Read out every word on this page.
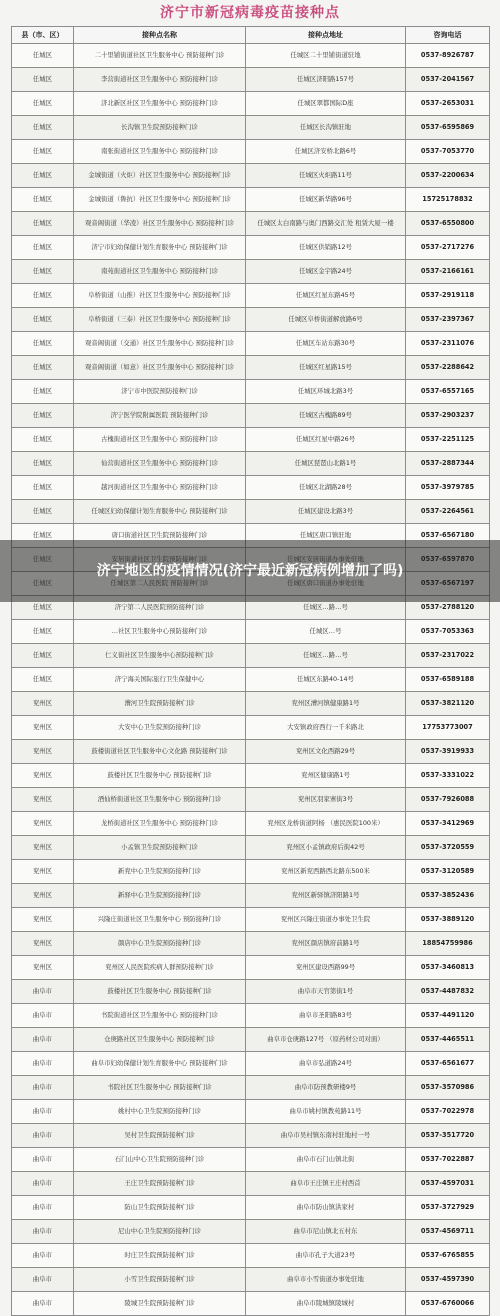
济宁市新冠病毒疫苗接种点
县（市、区）	接种点名称	接种点地址	咨询电话
任城区	二十里铺街道社区卫生服务中心 预防接种门诊	任城区二十里铺街道驻地	0537-8926787
任城区	李营街道社区卫生服务中心 预防接种门诊	任城区济阳路157号	0537-2041567
任城区	济北新区社区卫生服务中心 预防接种门诊	任城区翠都国际D座	0537-2653031
任城区	长沟镇卫生院预防接种门诊	任城区长沟镇驻地	0537-6595869
任城区	南张街道社区卫生服务中心 预防接种门诊	任城区济安桥北路6号	0537-7053770
任城区	金城街道（火炬）社区卫生服务中心 预防接种门诊	任城区火炬路11号	0537-2200634
任城区	金城街道（鲁抗）社区卫生服务中心 预防接种门诊	任城区新华路96号	15725178832
任城区	观音阁街道（华凌）社区卫生服务中心 预防接种门诊	任城区太白南路与奥门西路交汇处 租赁大厦一楼	0537-6550800
任城区	济宁市妇幼保健计划生育服务中心 预防接种门诊	任城区供销路12号	0537-2717276
任城区	南苑街道社区卫生服务中心 预防接种门诊	任城区金宇路24号	0537-2166161
任城区	阜桥街道（山推）社区卫生服务中心 预防接种门诊	任城区红星东路45号	0537-2919118
任城区	阜桥街道（三泰）社区卫生服务中心 预防接种门诊	任城区阜桥街道解放路6号	0537-2397367
任城区	观音阁街道（交通）社区卫生服务中心 预防接种门诊	任城区车站东路30号	0537-2311076
任城区	观音阁街道（如意）社区卫生服务中心 预防接种门诊	任城区红星路15号	0537-2288642
任城区	济宁市中医院预防接种门诊	任城区环城北路3号	0537-6557165
任城区	济宁医学院附属医院 预防接种门诊	任城区古槐路89号	0537-2903237
任城区	古槐街道社区卫生服务中心 预防接种门诊	任城区红星中路26号	0537-2251125
任城区	仙营街道社区卫生服务中心 预防接种门诊	任城区琵琶山北路1号	0537-2887344
任城区	越河街道社区卫生服务中心 预防接种门诊	任城区北湖路28号	0537-3979785
任城区	任城区妇幼保健计划生育服务中心 预防接种门诊	任城区建设北路3号	0537-2264561
任城区	唐口街道社区卫生院预防接种门诊	任城区唐口镇驻地	0537-6567180

任城区	济宁第二人民医院预防接种门诊	任城区…路…号	0537-2788120
任城区	…社区卫生服务中心预防接种门诊	任城区…号	0537-7053363
任城区	仁义街社区卫生服务中心预防接种门诊	任城区…路…号	0537-2317022
任城区	济宁海关国际旅行卫生保健中心	任城区东路40-14号	0537-6589188
兖州区	漕河卫生院预防接种门诊	兖州区漕河镇健康路1号	0537-3821120
兖州区	大安中心卫生院预防接种门诊	大安镇政府西行一千米路北	17753773007
兖州区	鼓楼街道社区卫生服务中心文化路 预防接种门诊	兖州区文化西路29号	0537-3919933
兖州区	鼓楼社区卫生服务中心 预防接种门诊	兖州区健康路1号	0537-3331022
兖州区	酒仙桥街道社区卫生服务中心 预防接种门诊	兖州区羽家寨街3号	0537-7926088
兖州区	龙桥街道社区卫生服务中心 预防接种门诊	兖州区龙桥街道阿杨 （惠民医院100米）	0537-3412969
兖州区	小孟镇卫生院预防接种门诊	兖州区小孟镇政府后街42号	0537-3720559
兖州区	新兖中心卫生院预防接种门诊	兖州区新兖西路西北路东500米	0537-3120589
兖州区	新驿中心卫生院预防接种门诊	兖州区新驿镇济阳路1号	0537-3852436
兖州区	兴隆庄街道社区卫生服务中心 预防接种门诊	兖州区兴隆庄街道办事处卫生院	0537-3889120
兖州区	颜店中心卫生院预防接种门诊	兖州区颜店镇府前路1号	18854759986
兖州区	兖州区人民医院疾病人群预防接种门诊	兖州区建设西路99号	0537-3460813
曲阜市	鼓楼社区卫生服务中心 预防接种门诊	曲阜市天官第街1号	0537-4487832
曲阜市	书院街道社区卫生服务中心 预防接种门诊	曲阜市圣阳路83号	0537-4491120
曲阜市	仓庚路社区卫生服务中心 预防接种门诊	曲阜市仓庚路127号 （原药材公司对面）	0537-4465511
曲阜市	曲阜市妇幼保健计划生育服务中心 预防接种门诊	曲阜市弘道路24号	0537-6561677
曲阜市	书院社区卫生服务中心 预防接种门诊	曲阜市防预教研楼9号	0537-3570986
曲阜市	姚村中心卫生院预防接种门诊	曲阜市姚村镇教苑路11号	0537-7022978
曲阜市	吴村卫生院预防接种门诊	曲阜市吴村镇东南村驻地村一号	0537-3517720
曲阜市	石门山中心卫生院预防接种门诊	曲阜市石门山镇北街	0537-7022887
曲阜市	王庄卫生院预防接种门诊	曲阜市王庄镇王庄村西首	0537-4597031
曲阜市	防山卫生院预防接种门诊	曲阜市防山镇洪家村	0537-3727929
曲阜市	尼山中心卫生院预防接种门诊	曲阜市尼山镇北五村东	0537-4569711
曲阜市	时庄卫生院预防接种门诊	曲阜市孔子大道23号	0537-6765855
曲阜市	小雪卫生院预防接种门诊	曲阜市小雪街道办事处驻地	0537-4597390
曲阜市	陵城卫生院预防接种门诊	曲阜市陵城镇陵城村	0537-6760066
济宁地区的疫情情况(济宁最近新冠病例增加了吗)
